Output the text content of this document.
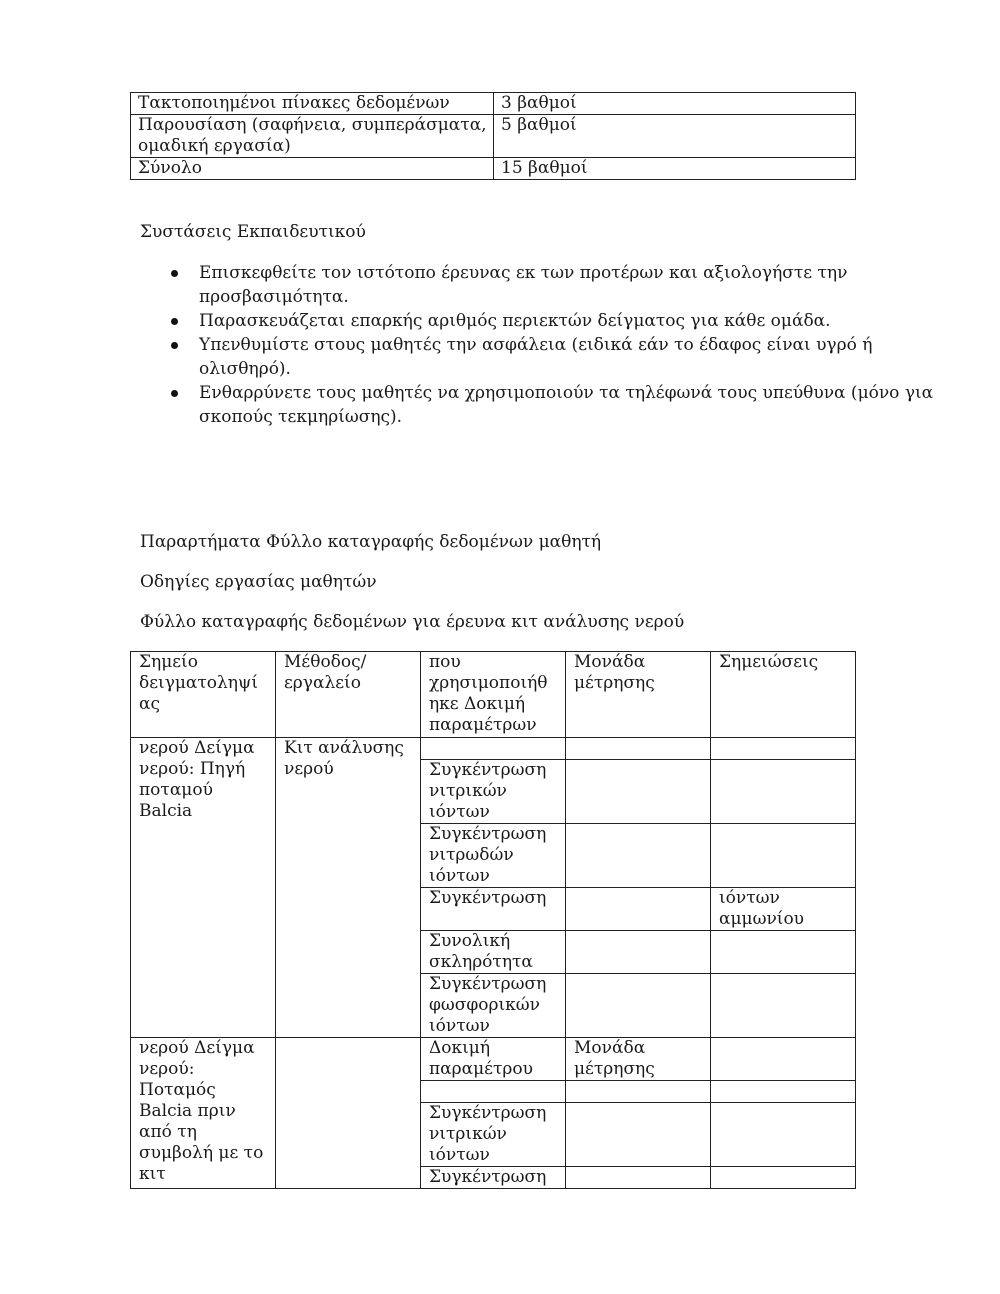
Τακτοποιημένοι πίνακες δεδομένων	3 βαθμοί
Παρουσίαση (σαφήνεια, συμπεράσματα, ομαδική εργασία)	5 βαθμοί
Σύνολο	15 βαθμοί

Συστάσεις Εκπαιδευτικού

Επισκεφθείτε τον ιστότοπο έρευνας εκ των προτέρων και αξιολογήστε την προσβασιμότητα.
Παρασκευάζεται επαρκής αριθμός περιεκτών δείγματος για κάθε ομάδα.
Υπενθυμίστε στους μαθητές την ασφάλεια (ειδικά εάν το έδαφος είναι υγρό ή ολισθηρό).
Ενθαρρύνετε τους μαθητές να χρησιμοποιούν τα τηλέφωνά τους υπεύθυνα (μόνο για σκοπούς τεκμηρίωσης).

Παραρτήματα Φύλλο καταγραφής δεδομένων μαθητή

Οδηγίες εργασίας μαθητών

Φύλλο καταγραφής δεδομένων για έρευνα κιτ ανάλυσης νερού

Σημείο δειγματοληψί ας	Μέθοδος/ εργαλείο	που χρησιμοποιήθ ηκε Δοκιμή παραμέτρων	Μονάδα μέτρησης	Σημειώσεις
νερού Δείγμα νερού: Πηγή ποταμού Balcia	Κιτ ανάλυσης νερού			
		Συγκέντρωση νιτρικών ιόντων		
		Συγκέντρωση νιτρωδών ιόντων		
		Συγκέντρωση		ιόντων αμμωνίου
		Συνολική σκληρότητα		
		Συγκέντρωση φωσφορικών ιόντων		
νερού Δείγμα νερού: Ποταμός Balcia πριν από τη συμβολή με το κιτ		Δοκιμή παραμέτρου	Μονάδα μέτρησης	

		Συγκέντρωση νιτρικών ιόντων		
		Συγκέντρωση		
